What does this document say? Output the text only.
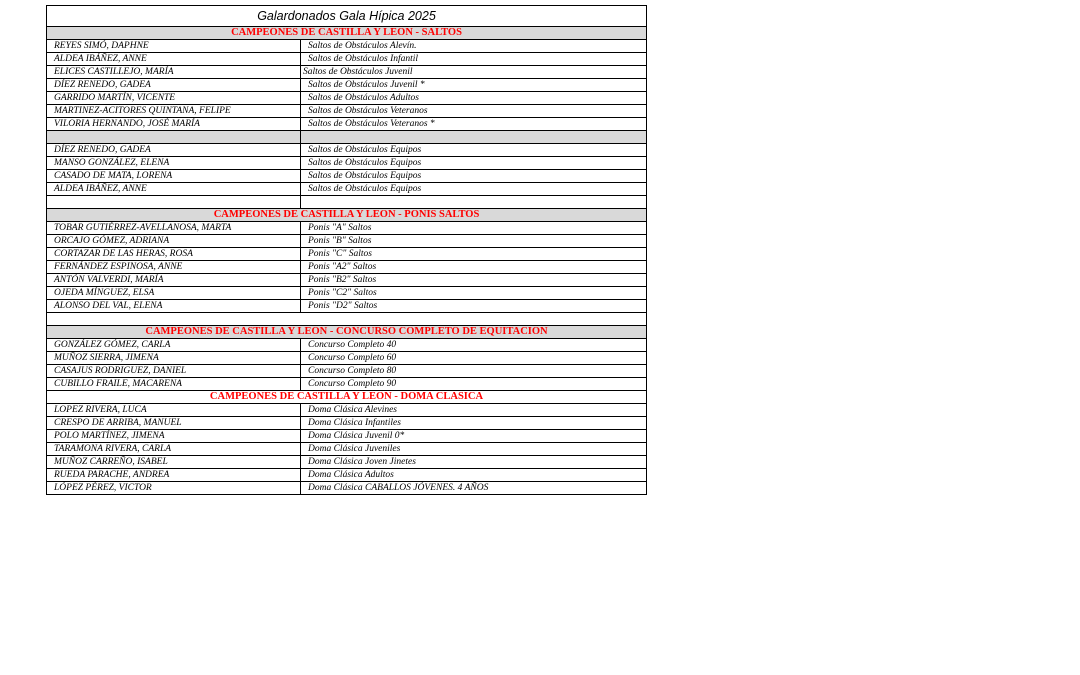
Galardonados Gala Hípica 2025
CAMPEONES DE CASTILLA Y LEON - SALTOS
REYES SIMÓ, DAPHNE	Saltos de Obstáculos Alevín.
ALDEA IBÁÑEZ, ANNE	Saltos de Obstáculos Infantil
ELICES CASTILLEJO, MARÍA	Saltos de Obstáculos Juvenil
DÍEZ RENEDO, GADEA	Saltos de Obstáculos Juvenil *
GARRIDO MARTÍN, VICENTE	Saltos de Obstáculos Adultos
MARTINEZ-ACITORES QUINTANA, FELIPE	Saltos de Obstáculos Veteranos
VILORIA HERNANDO, JOSÉ MARÍA	Saltos de Obstáculos Veteranos *
DÍEZ RENEDO, GADEA	Saltos de Obstáculos Equipos
MANSO GONZÁLEZ, ELENA	Saltos de Obstáculos Equipos
CASADO DE MATA, LORENA	Saltos de Obstáculos Equipos
ALDEA IBÁÑEZ, ANNE	Saltos de Obstáculos Equipos
CAMPEONES DE CASTILLA Y LEON - PONIS SALTOS
TOBAR GUTIÉRREZ-AVELLANOSA, MARTA	Ponis "A" Saltos
ORCAJO GÓMEZ, ADRIANA	Ponis "B" Saltos
CORTAZAR DE LAS HERAS, ROSA	Ponis "C" Saltos
FERNÁNDEZ ESPINOSA, ANNE	Ponis "A2" Saltos
ANTÓN VALVERDI, MARÍA	Ponis "B2" Saltos
OJEDA MÍNGUEZ, ELSA	Ponis "C2" Saltos
ALONSO DEL VAL, ELENA	Ponis "D2" Saltos
CAMPEONES DE CASTILLA Y LEON - CONCURSO COMPLETO DE EQUITACION
GONZÁLEZ GÓMEZ, CARLA	Concurso Completo 40
MUÑOZ SIERRA, JIMENA	Concurso Completo 60
CASAJUS RODRIGUEZ, DANIEL	Concurso Completo 80
CUBILLO FRAILE, MACARENA	Concurso Completo 90
CAMPEONES DE CASTILLA Y LEON - DOMA CLASICA
LOPEZ RIVERA, LUCA	Doma Clásica Alevines
CRESPO DE ARRIBA, MANUEL	Doma Clásica Infantiles
POLO MARTÍNEZ, JIMENA	Doma Clásica Juvenil 0*
TARAMONA RIVERA, CARLA	Doma Clásica Juveniles
MUÑOZ CARREÑO, ISABEL	Doma Clásica Joven Jinetes
RUEDA PARACHE, ANDREA	Doma Clásica Adultos
LÓPEZ PÉREZ, VICTOR	Doma Clásica CABALLOS JÓVENES. 4 AÑOS
